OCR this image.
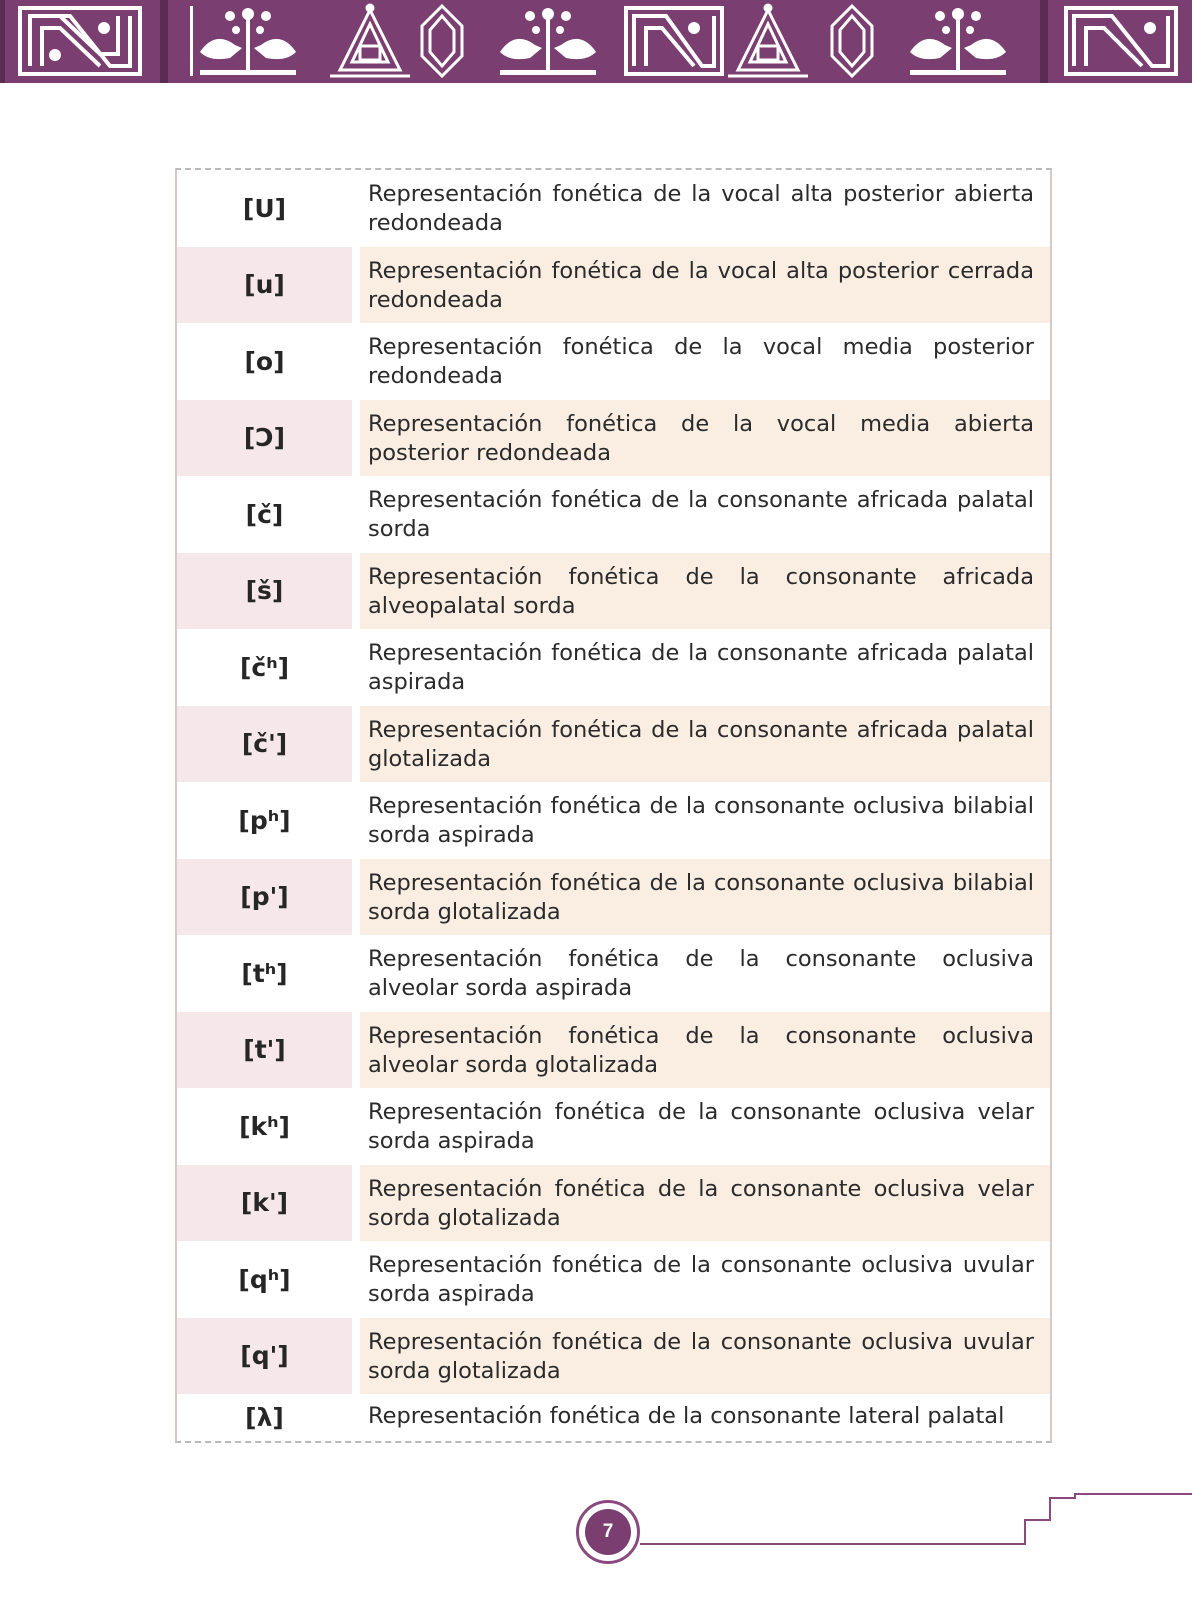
[U]	Representación fonética de la vocal alta posterior abierta redondeada
[u]	Representación fonética de la vocal alta posterior cerrada redondeada
[o]	Representación fonética de la vocal media posterior redondeada
[Ɔ]	Representación fonética de la vocal media abierta posterior redondeada
[č]	Representación fonética de la consonante africada palatal sorda
[š]	Representación fonética de la consonante africada alveopalatal sorda
[čʰ]	Representación fonética de la consonante africada palatal aspirada
[č']	Representación fonética de la consonante africada palatal glotalizada
[pʰ]	Representación fonética de la consonante oclusiva bilabial sorda aspirada
[p']	Representación fonética de la consonante oclusiva bilabial sorda glotalizada
[tʰ]	Representación fonética de la consonante oclusiva alveolar sorda aspirada
[t']	Representación fonética de la consonante oclusiva alveolar sorda glotalizada
[kʰ]	Representación fonética de la consonante oclusiva velar sorda aspirada
[k']	Representación fonética de la consonante oclusiva velar sorda glotalizada
[qʰ]	Representación fonética de la consonante oclusiva uvular sorda aspirada
[q']	Representación fonética de la consonante oclusiva uvular sorda glotalizada
[λ]	Representación fonética de la consonante lateral palatal
7
